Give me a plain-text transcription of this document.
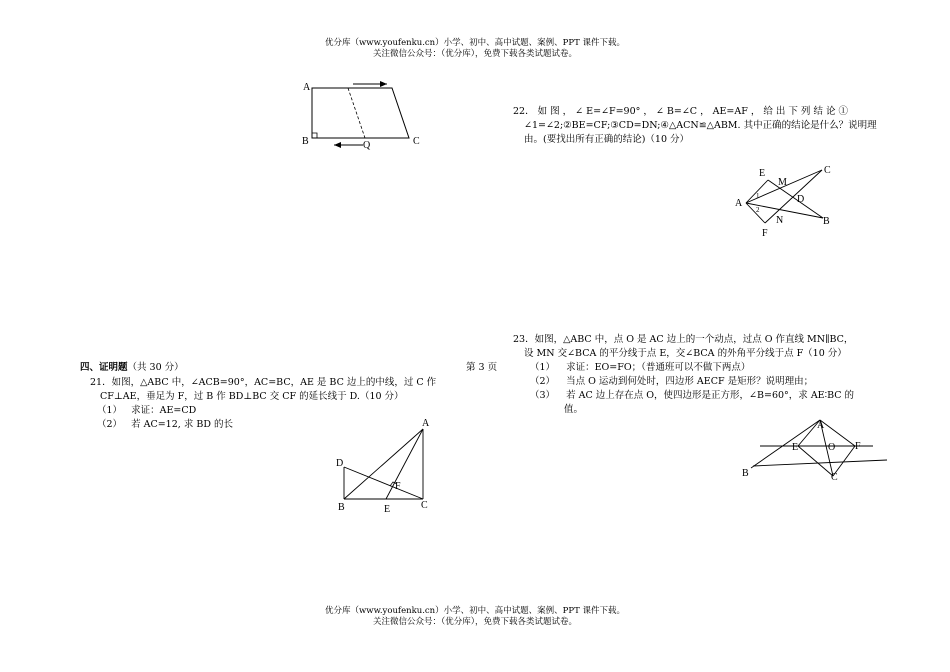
优分库（www.youfenku.cn）小学、初中、高中试题、案例、PPT 课件下载。
关注微信公众号：（优分库），免费下载各类试题试卷。
A
B	Q	C
22． 如 图 ， ∠ E=∠F=90° ， ∠ B=∠C ， AE=AF ， 给 出 下 列 结 论 ①
∠1=∠2;②BE=CF;③CD=DN;④△ACN≌△ABM. 其中正确的结论是什么？说明理
由。(要找出所有正确的结论)（10 分）
E
M
C
A	D
N
F
B
1
2
四、证明题（共 30 分）	第 3 页
21．如图，△ABC 中，∠ACB=90°，AC=BC，AE 是 BC 边上的中线，过 C 作
CF⊥AE，垂足为 F，过 B 作 BD⊥BC 交 CF 的延长线于 D.（10 分）
（1） 求证：AE=CD
（2） 若 AC=12, 求 BD 的长	A
D
F
B	E	C
23．如图，△ABC 中，点 O 是 AC 边上的一个动点，过点 O 作直线 MN∥BC，
设 MN 交∠BCA 的平分线于点 E，交∠BCA 的外角平分线于点 F（10 分）
（1） 求证：EO=FO；（普通班可以不做下两点）
（2） 当点 O 运动到何处时，四边形 AECF 是矩形？说明理由；
（3） 若 AC 边上存在点 O，使四边形是正方形，∠B=60°，求 AE∶BC 的
值。
A
E	O F
B	C
优分库（www.youfenku.cn）小学、初中、高中试题、案例、PPT 课件下载。
关注微信公众号：（优分库），免费下载各类试题试卷。
